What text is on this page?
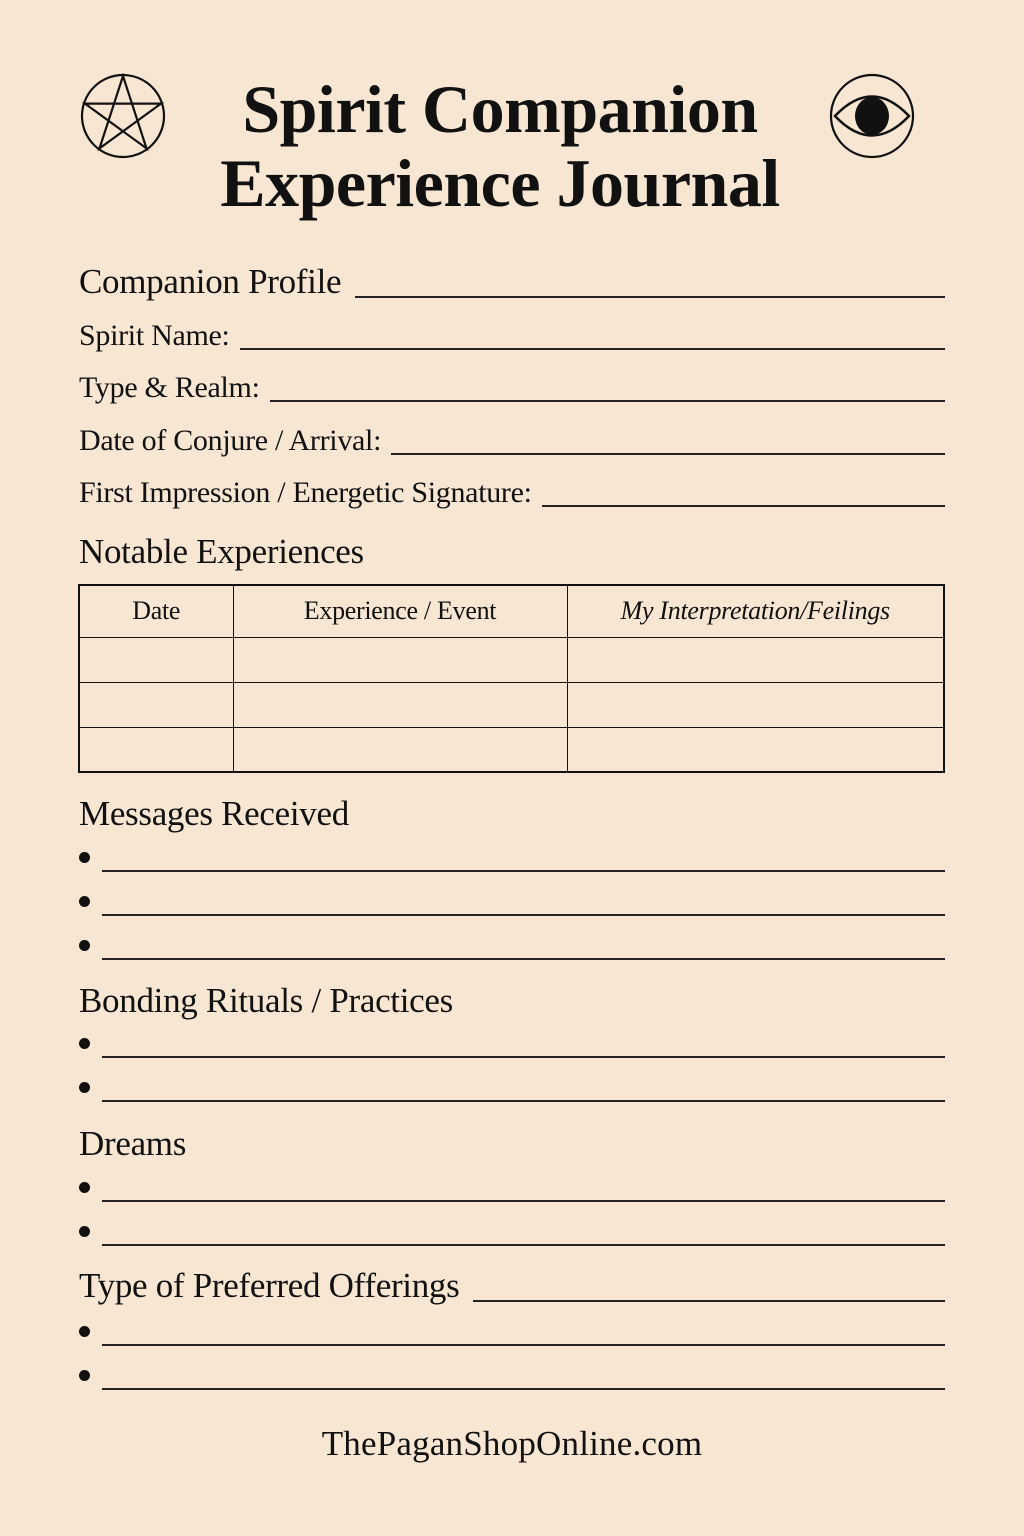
Spirit Companion
Experience Journal
Companion Profile
Spirit Name:
Type & Realm:
Date of Conjure / Arrival:
First Impression / Energetic Signature:
Notable Experiences
Date	Experience / Event	My Interpretation/Feilings

Messages Received
Bonding Rituals / Practices
Dreams
Type of Preferred Offerings
ThePaganShopOnline.com
